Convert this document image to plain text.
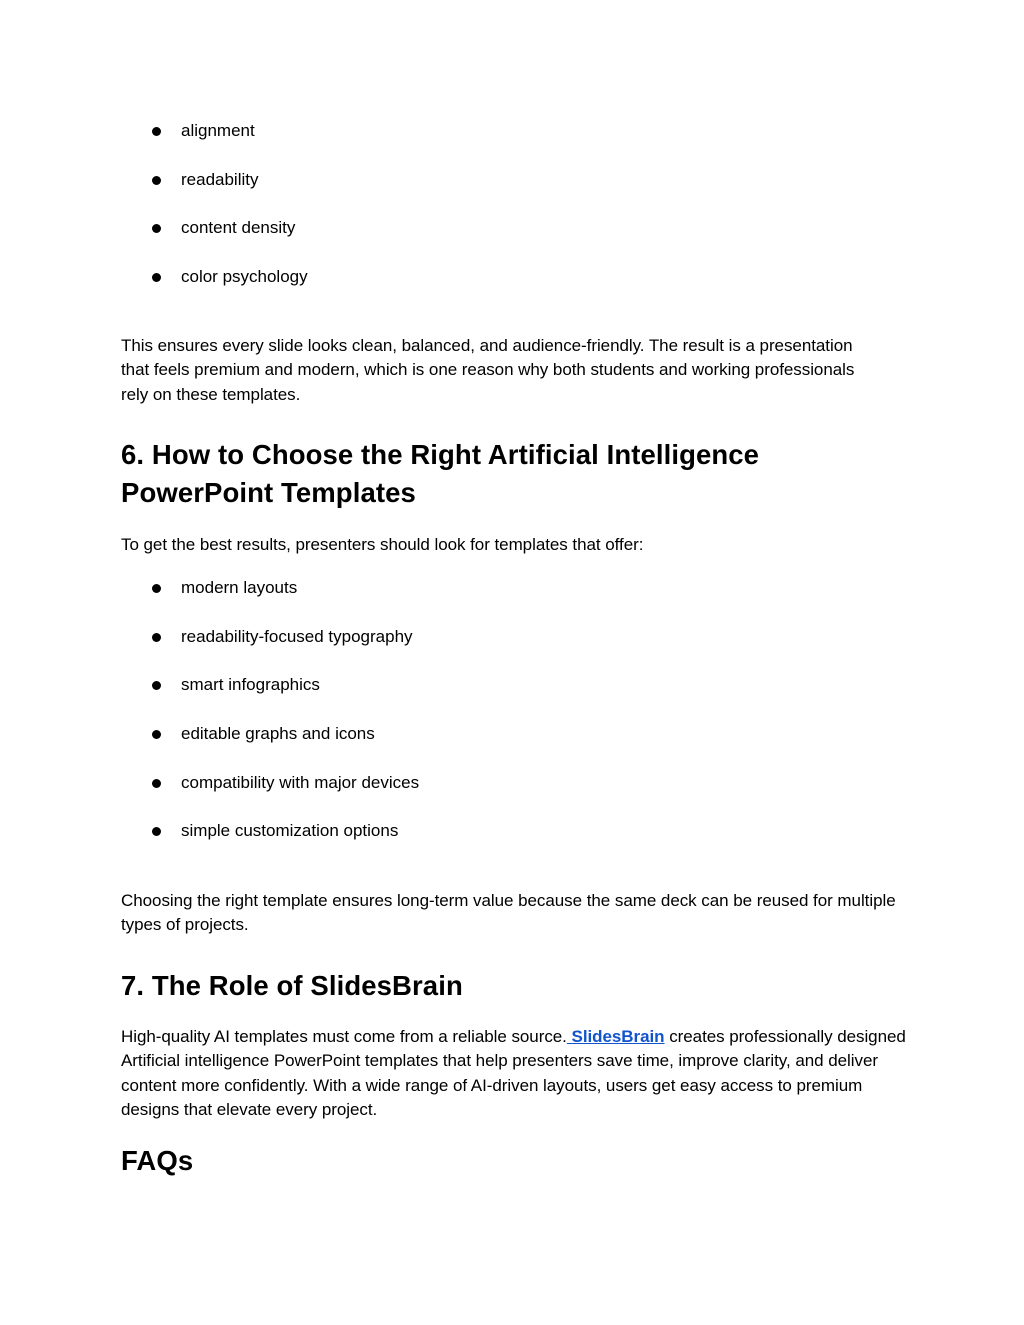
alignment
readability
content density
color psychology

This ensures every slide looks clean, balanced, and audience-friendly. The result is a presentation that feels premium and modern, which is one reason why both students and working professionals rely on these templates.

6. How to Choose the Right Artificial Intelligence PowerPoint Templates

To get the best results, presenters should look for templates that offer:

modern layouts
readability-focused typography
smart infographics
editable graphs and icons
compatibility with major devices
simple customization options

Choosing the right template ensures long-term value because the same deck can be reused for multiple types of projects.

7. The Role of SlidesBrain

High-quality AI templates must come from a reliable source. SlidesBrain creates professionally designed Artificial intelligence PowerPoint templates that help presenters save time, improve clarity, and deliver content more confidently. With a wide range of AI-driven layouts, users get easy access to premium designs that elevate every project.

FAQs
